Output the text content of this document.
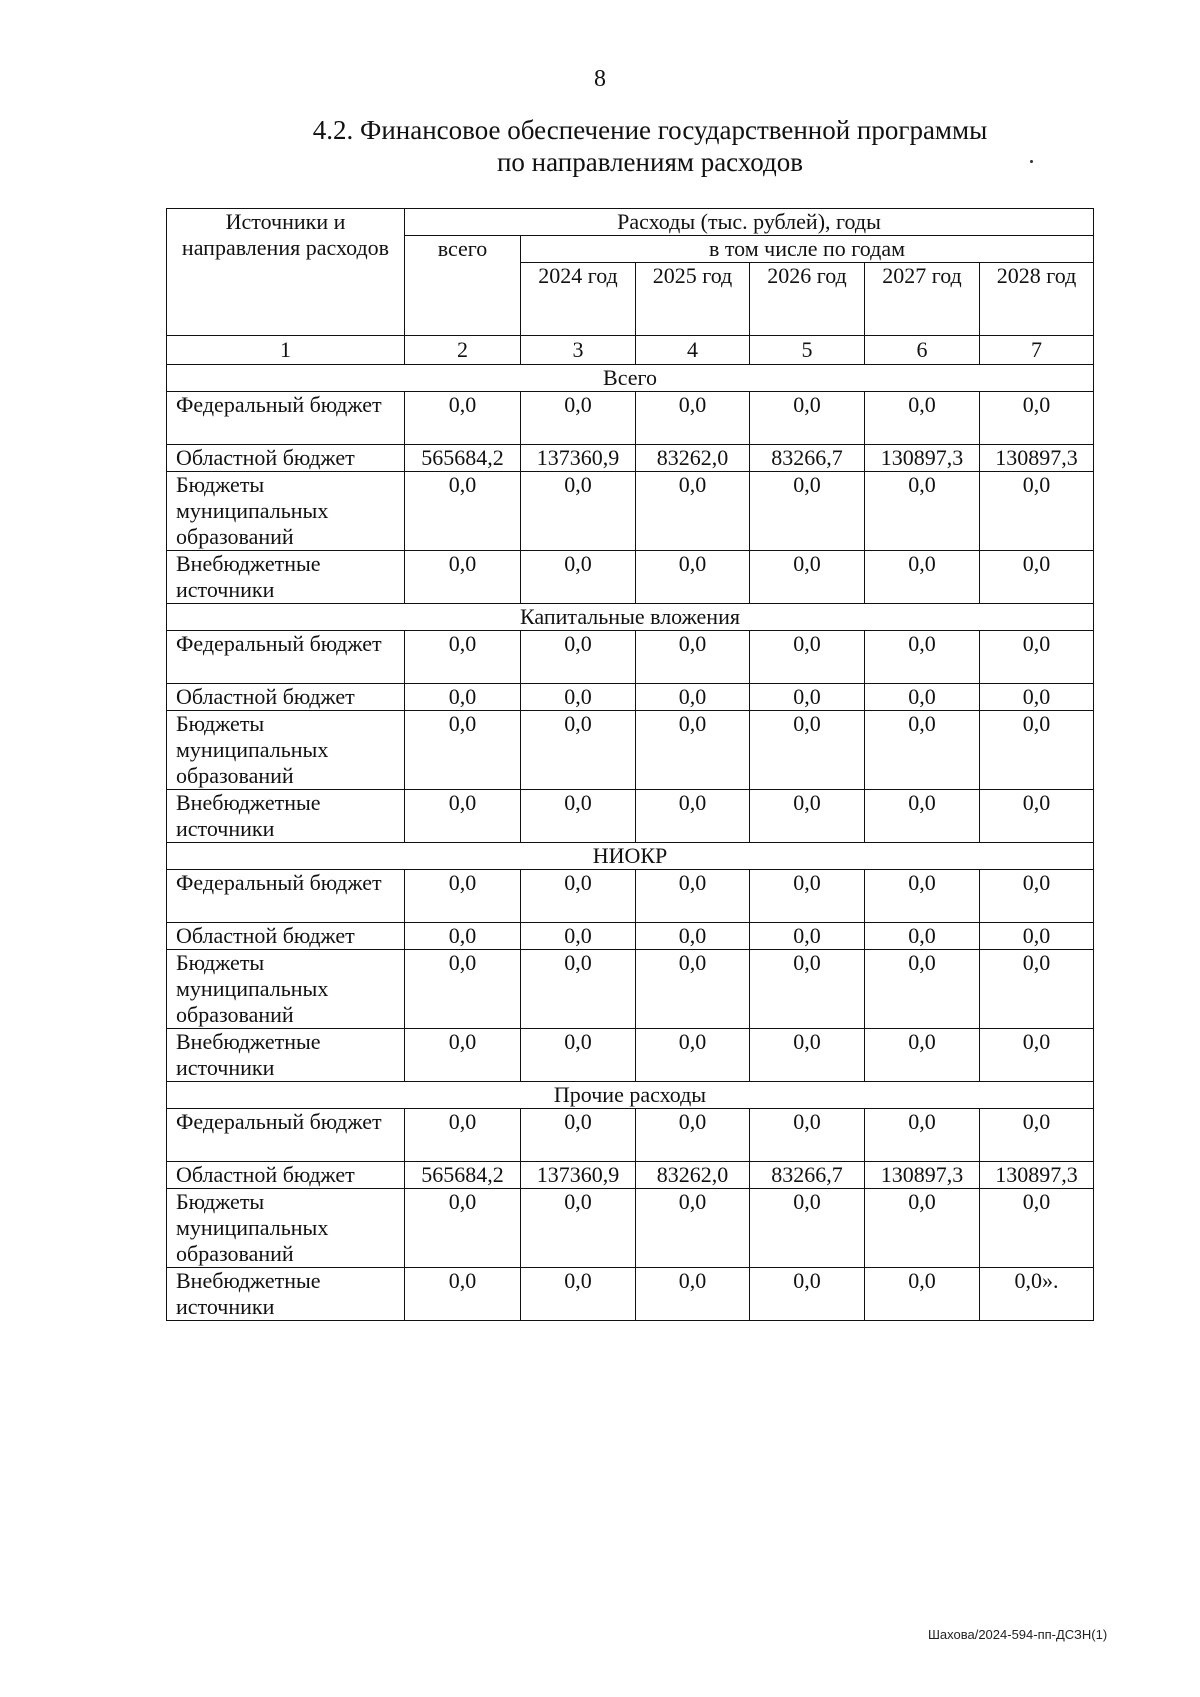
8
4.2. Финансовое обеспечение государственной программы
по направлениям расходов
Источники и направления расходов	Расходы (тыс. рублей), годы					
	всего	в том числе по годам				
		2024 год	2025 год	2026 год	2027 год	2028 год
1	2	3	4	5	6	7
Всего						
Федеральный бюджет	0,0	0,0	0,0	0,0	0,0	0,0
Областной бюджет	565684,2	137360,9	83262,0	83266,7	130897,3	130897,3
Бюджеты муниципальных образований	0,0	0,0	0,0	0,0	0,0	0,0
Внебюджетные источники	0,0	0,0	0,0	0,0	0,0	0,0
Капитальные вложения						
Федеральный бюджет	0,0	0,0	0,0	0,0	0,0	0,0
Областной бюджет	0,0	0,0	0,0	0,0	0,0	0,0
Бюджеты муниципальных образований	0,0	0,0	0,0	0,0	0,0	0,0
Внебюджетные источники	0,0	0,0	0,0	0,0	0,0	0,0
НИОКР						
Федеральный бюджет	0,0	0,0	0,0	0,0	0,0	0,0
Областной бюджет	0,0	0,0	0,0	0,0	0,0	0,0
Бюджеты муниципальных образований	0,0	0,0	0,0	0,0	0,0	0,0
Внебюджетные источники	0,0	0,0	0,0	0,0	0,0	0,0
Прочие расходы						
Федеральный бюджет	0,0	0,0	0,0	0,0	0,0	0,0
Областной бюджет	565684,2	137360,9	83262,0	83266,7	130897,3	130897,3
Бюджеты муниципальных образований	0,0	0,0	0,0	0,0	0,0	0,0
Внебюджетные источники	0,0	0,0	0,0	0,0	0,0	0,0».
Шахова/2024-594-пп-ДСЗН(1)
